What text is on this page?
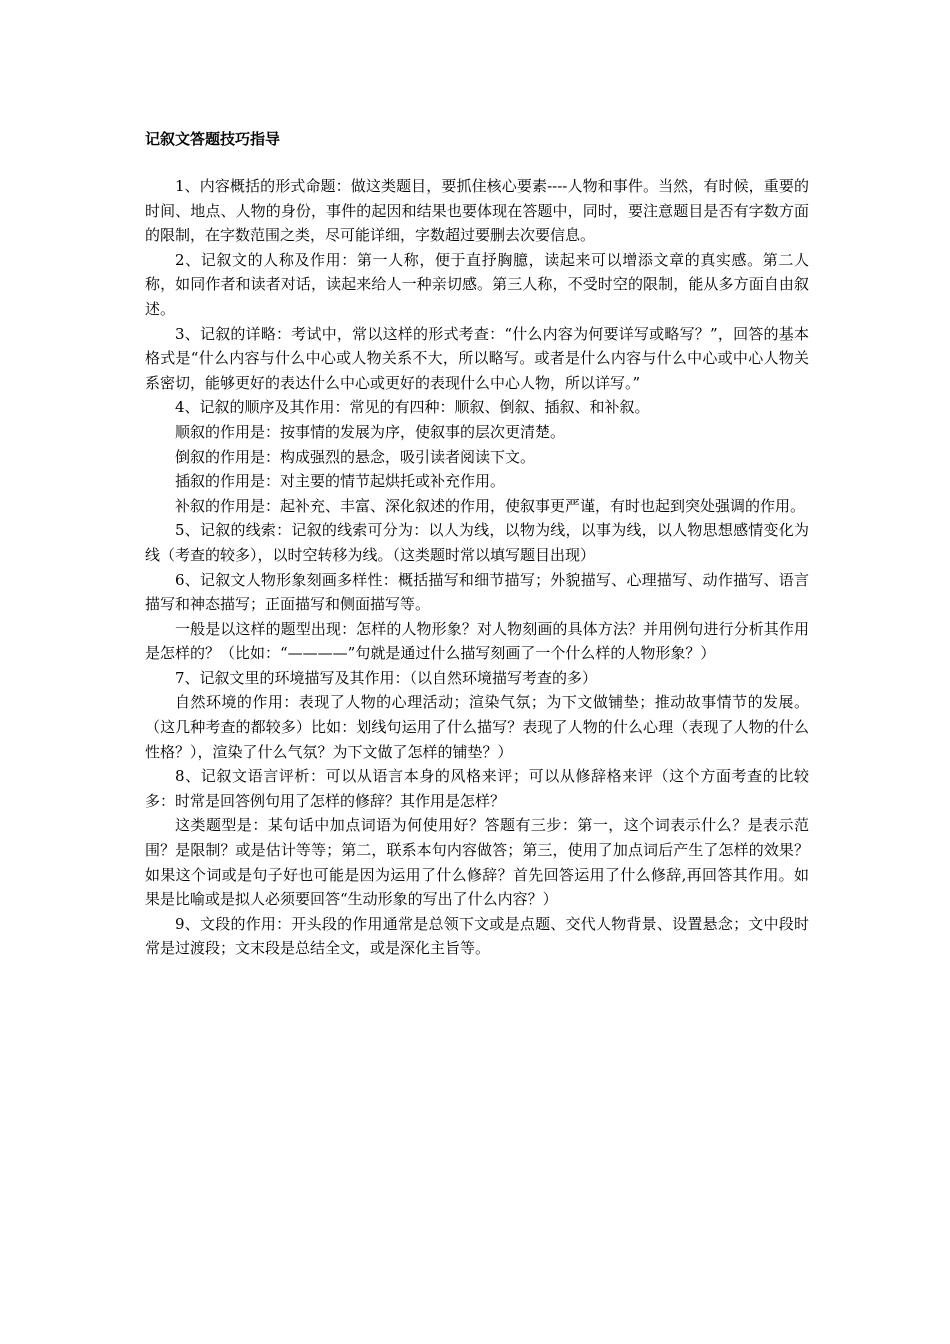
记叙文答题技巧指导

1、内容概括的形式命题：做这类题目，要抓住核心要素----人物和事件。当然，有时候，重要的时间、地点、人物的身份，事件的起因和结果也要体现在答题中，同时，要注意题目是否有字数方面的限制，在字数范围之类，尽可能详细，字数超过要删去次要信息。

2、记叙文的人称及作用：第一人称，便于直抒胸臆，读起来可以增添文章的真实感。第二人称，如同作者和读者对话，读起来给人一种亲切感。第三人称，不受时空的限制，能从多方面自由叙述。

3、记叙的详略：考试中，常以这样的形式考查：“什么内容为何要详写或略写？”，回答的基本格式是“什么内容与什么中心或人物关系不大，所以略写。或者是什么内容与什么中心或中心人物关系密切，能够更好的表达什么中心或更好的表现什么中心人物，所以详写。”

4、记叙的顺序及其作用：常见的有四种：顺叙、倒叙、插叙、和补叙。

顺叙的作用是：按事情的发展为序，使叙事的层次更清楚。

倒叙的作用是：构成强烈的悬念，吸引读者阅读下文。

插叙的作用是：对主要的情节起烘托或补充作用。

补叙的作用是：起补充、丰富、深化叙述的作用，使叙事更严谨，有时也起到突处强调的作用。

5、记叙的线索：记叙的线索可分为：以人为线，以物为线，以事为线，以人物思想感情变化为线（考查的较多），以时空转移为线。（这类题时常以填写题目出现）

6、记叙文人物形象刻画多样性：概括描写和细节描写；外貌描写、心理描写、动作描写、语言描写和神态描写；正面描写和侧面描写等。

一般是以这样的题型出现：怎样的人物形象？对人物刻画的具体方法？并用例句进行分析其作用是怎样的？（比如：“————”句就是通过什么描写刻画了一个什么样的人物形象？）

7、记叙文里的环境描写及其作用：（以自然环境描写考查的多）

自然环境的作用：表现了人物的心理活动；渲染气氛；为下文做铺垫；推动故事情节的发展。（这几种考查的都较多）比如：划线句运用了什么描写？表现了人物的什么心理（表现了人物的什么性格？），渲染了什么气氛？为下文做了怎样的铺垫？）

8、记叙文语言评析：可以从语言本身的风格来评；可以从修辞格来评（这个方面考查的比较多：时常是回答例句用了怎样的修辞？其作用是怎样？

这类题型是：某句话中加点词语为何使用好？答题有三步：第一，这个词表示什么？是表示范围？是限制？或是估计等等；第二，联系本句内容做答；第三，使用了加点词后产生了怎样的效果？如果这个词或是句子好也可能是因为运用了什么修辞？首先回答运用了什么修辞,再回答其作用。如果是比喻或是拟人必须要回答“生动形象的写出了什么内容？）

9、文段的作用：开头段的作用通常是总领下文或是点题、交代人物背景、设置悬念；文中段时常是过渡段；文末段是总结全文，或是深化主旨等。
